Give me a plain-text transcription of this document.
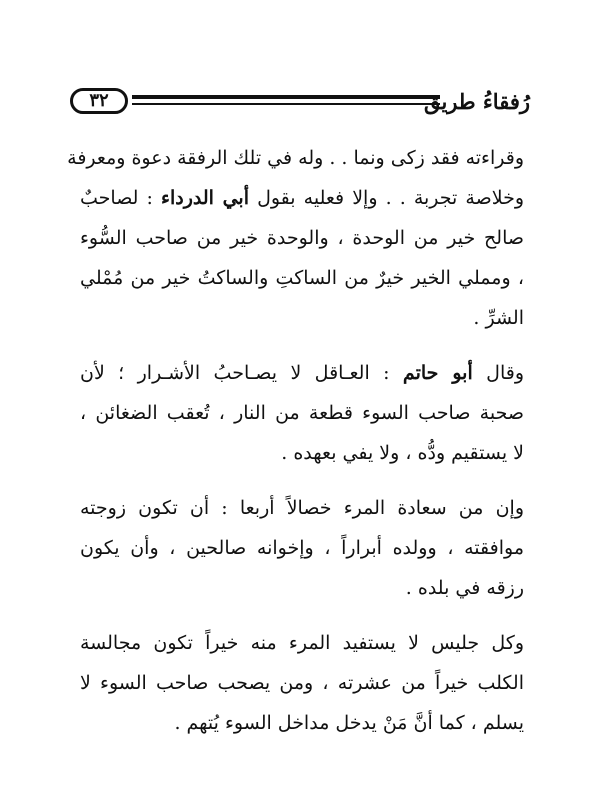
رُفقاءُ طريق
٣٢

وقراءته فقد زكى ونما . . وله في تلك الرفقة دعوة ومعرفة
وخلاصة تجربة . . وإلا فعليه بقول أبي الدرداء : لصاحبٌ
صالح خير من الوحدة ، والوحدة خير من صاحب السُّوء
، ومملي الخير خيرٌ من الساكتِ والساكتُ خير من مُمْلي
الشرِّ .

وقال أبو حاتم : العـاقل لا يصـاحبُ الأشـرار ؛ لأن
صحبة صاحب السوء قطعة من النار ، تُعقب الضغائن ،
لا يستقيم ودُّه ، ولا يفي بعهده .

وإن من سعادة المرء خصالاً أربعا : أن تكون زوجته
موافقته ، وولده أبراراً ، وإخوانه صالحين ، وأن يكون
رزقه في بلده .

وكل جليس لا يستفيد المرء منه خيراً تكون مجالسة
الكلب خيراً من عشرته ، ومن يصحب صاحب السوء لا
يسلم ، كما أنَّ مَنْ يدخل مداخل السوء يُتهم .
